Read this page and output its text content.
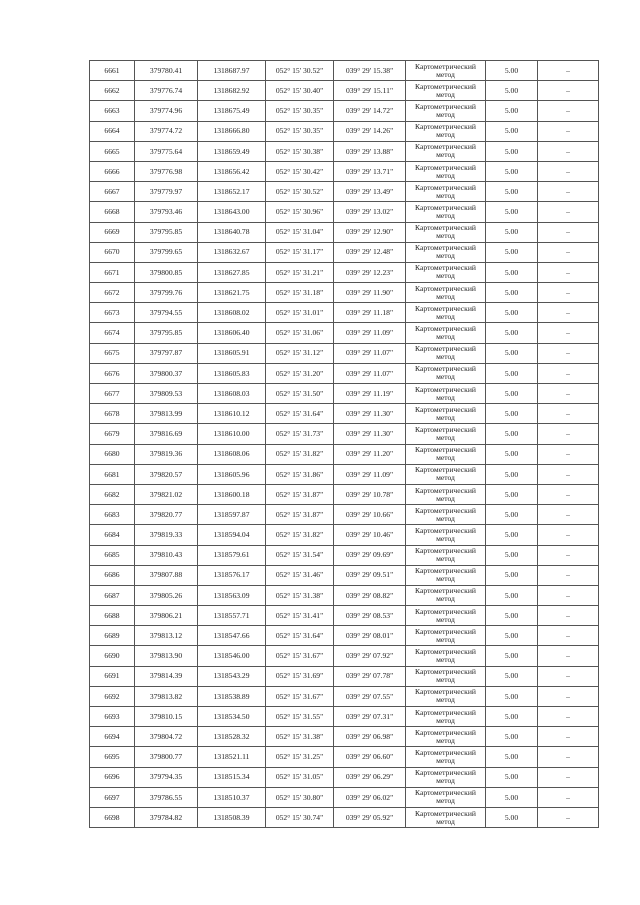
6661	379780.41	1318687.97	052° 15' 30.52"	039° 29' 15.38"	Картометрический метод	5.00	–
6662	379776.74	1318682.92	052° 15' 30.40"	039° 29' 15.11"	Картометрический метод	5.00	–
6663	379774.96	1318675.49	052° 15' 30.35"	039° 29' 14.72"	Картометрический метод	5.00	–
6664	379774.72	1318666.80	052° 15' 30.35"	039° 29' 14.26"	Картометрический метод	5.00	–
6665	379775.64	1318659.49	052° 15' 30.38"	039° 29' 13.88"	Картометрический метод	5.00	–
6666	379776.98	1318656.42	052° 15' 30.42"	039° 29' 13.71"	Картометрический метод	5.00	–
6667	379779.97	1318652.17	052° 15' 30.52"	039° 29' 13.49"	Картометрический метод	5.00	–
6668	379793.46	1318643.00	052° 15' 30.96"	039° 29' 13.02"	Картометрический метод	5.00	–
6669	379795.85	1318640.78	052° 15' 31.04"	039° 29' 12.90"	Картометрический метод	5.00	–
6670	379799.65	1318632.67	052° 15' 31.17"	039° 29' 12.48"	Картометрический метод	5.00	–
6671	379800.85	1318627.85	052° 15' 31.21"	039° 29' 12.23"	Картометрический метод	5.00	–
6672	379799.76	1318621.75	052° 15' 31.18"	039° 29' 11.90"	Картометрический метод	5.00	–
6673	379794.55	1318608.02	052° 15' 31.01"	039° 29' 11.18"	Картометрический метод	5.00	–
6674	379795.85	1318606.40	052° 15' 31.06"	039° 29' 11.09"	Картометрический метод	5.00	–
6675	379797.87	1318605.91	052° 15' 31.12"	039° 29' 11.07"	Картометрический метод	5.00	–
6676	379800.37	1318605.83	052° 15' 31.20"	039° 29' 11.07"	Картометрический метод	5.00	–
6677	379809.53	1318608.03	052° 15' 31.50"	039° 29' 11.19"	Картометрический метод	5.00	–
6678	379813.99	1318610.12	052° 15' 31.64"	039° 29' 11.30"	Картометрический метод	5.00	–
6679	379816.69	1318610.00	052° 15' 31.73"	039° 29' 11.30"	Картометрический метод	5.00	–
6680	379819.36	1318608.06	052° 15' 31.82"	039° 29' 11.20"	Картометрический метод	5.00	–
6681	379820.57	1318605.96	052° 15' 31.86"	039° 29' 11.09"	Картометрический метод	5.00	–
6682	379821.02	1318600.18	052° 15' 31.87"	039° 29' 10.78"	Картометрический метод	5.00	–
6683	379820.77	1318597.87	052° 15' 31.87"	039° 29' 10.66"	Картометрический метод	5.00	–
6684	379819.33	1318594.04	052° 15' 31.82"	039° 29' 10.46"	Картометрический метод	5.00	–
6685	379810.43	1318579.61	052° 15' 31.54"	039° 29' 09.69"	Картометрический метод	5.00	–
6686	379807.88	1318576.17	052° 15' 31.46"	039° 29' 09.51"	Картометрический метод	5.00	–
6687	379805.26	1318563.09	052° 15' 31.38"	039° 29' 08.82"	Картометрический метод	5.00	–
6688	379806.21	1318557.71	052° 15' 31.41"	039° 29' 08.53"	Картометрический метод	5.00	–
6689	379813.12	1318547.66	052° 15' 31.64"	039° 29' 08.01"	Картометрический метод	5.00	–
6690	379813.90	1318546.00	052° 15' 31.67"	039° 29' 07.92"	Картометрический метод	5.00	–
6691	379814.39	1318543.29	052° 15' 31.69"	039° 29' 07.78"	Картометрический метод	5.00	–
6692	379813.82	1318538.89	052° 15' 31.67"	039° 29' 07.55"	Картометрический метод	5.00	–
6693	379810.15	1318534.50	052° 15' 31.55"	039° 29' 07.31"	Картометрический метод	5.00	–
6694	379804.72	1318528.32	052° 15' 31.38"	039° 29' 06.98"	Картометрический метод	5.00	–
6695	379800.77	1318521.11	052° 15' 31.25"	039° 29' 06.60"	Картометрический метод	5.00	–
6696	379794.35	1318515.34	052° 15' 31.05"	039° 29' 06.29"	Картометрический метод	5.00	–
6697	379786.55	1318510.37	052° 15' 30.80"	039° 29' 06.02"	Картометрический метод	5.00	–
6698	379784.82	1318508.39	052° 15' 30.74"	039° 29' 05.92"	Картометрический метод	5.00	–
